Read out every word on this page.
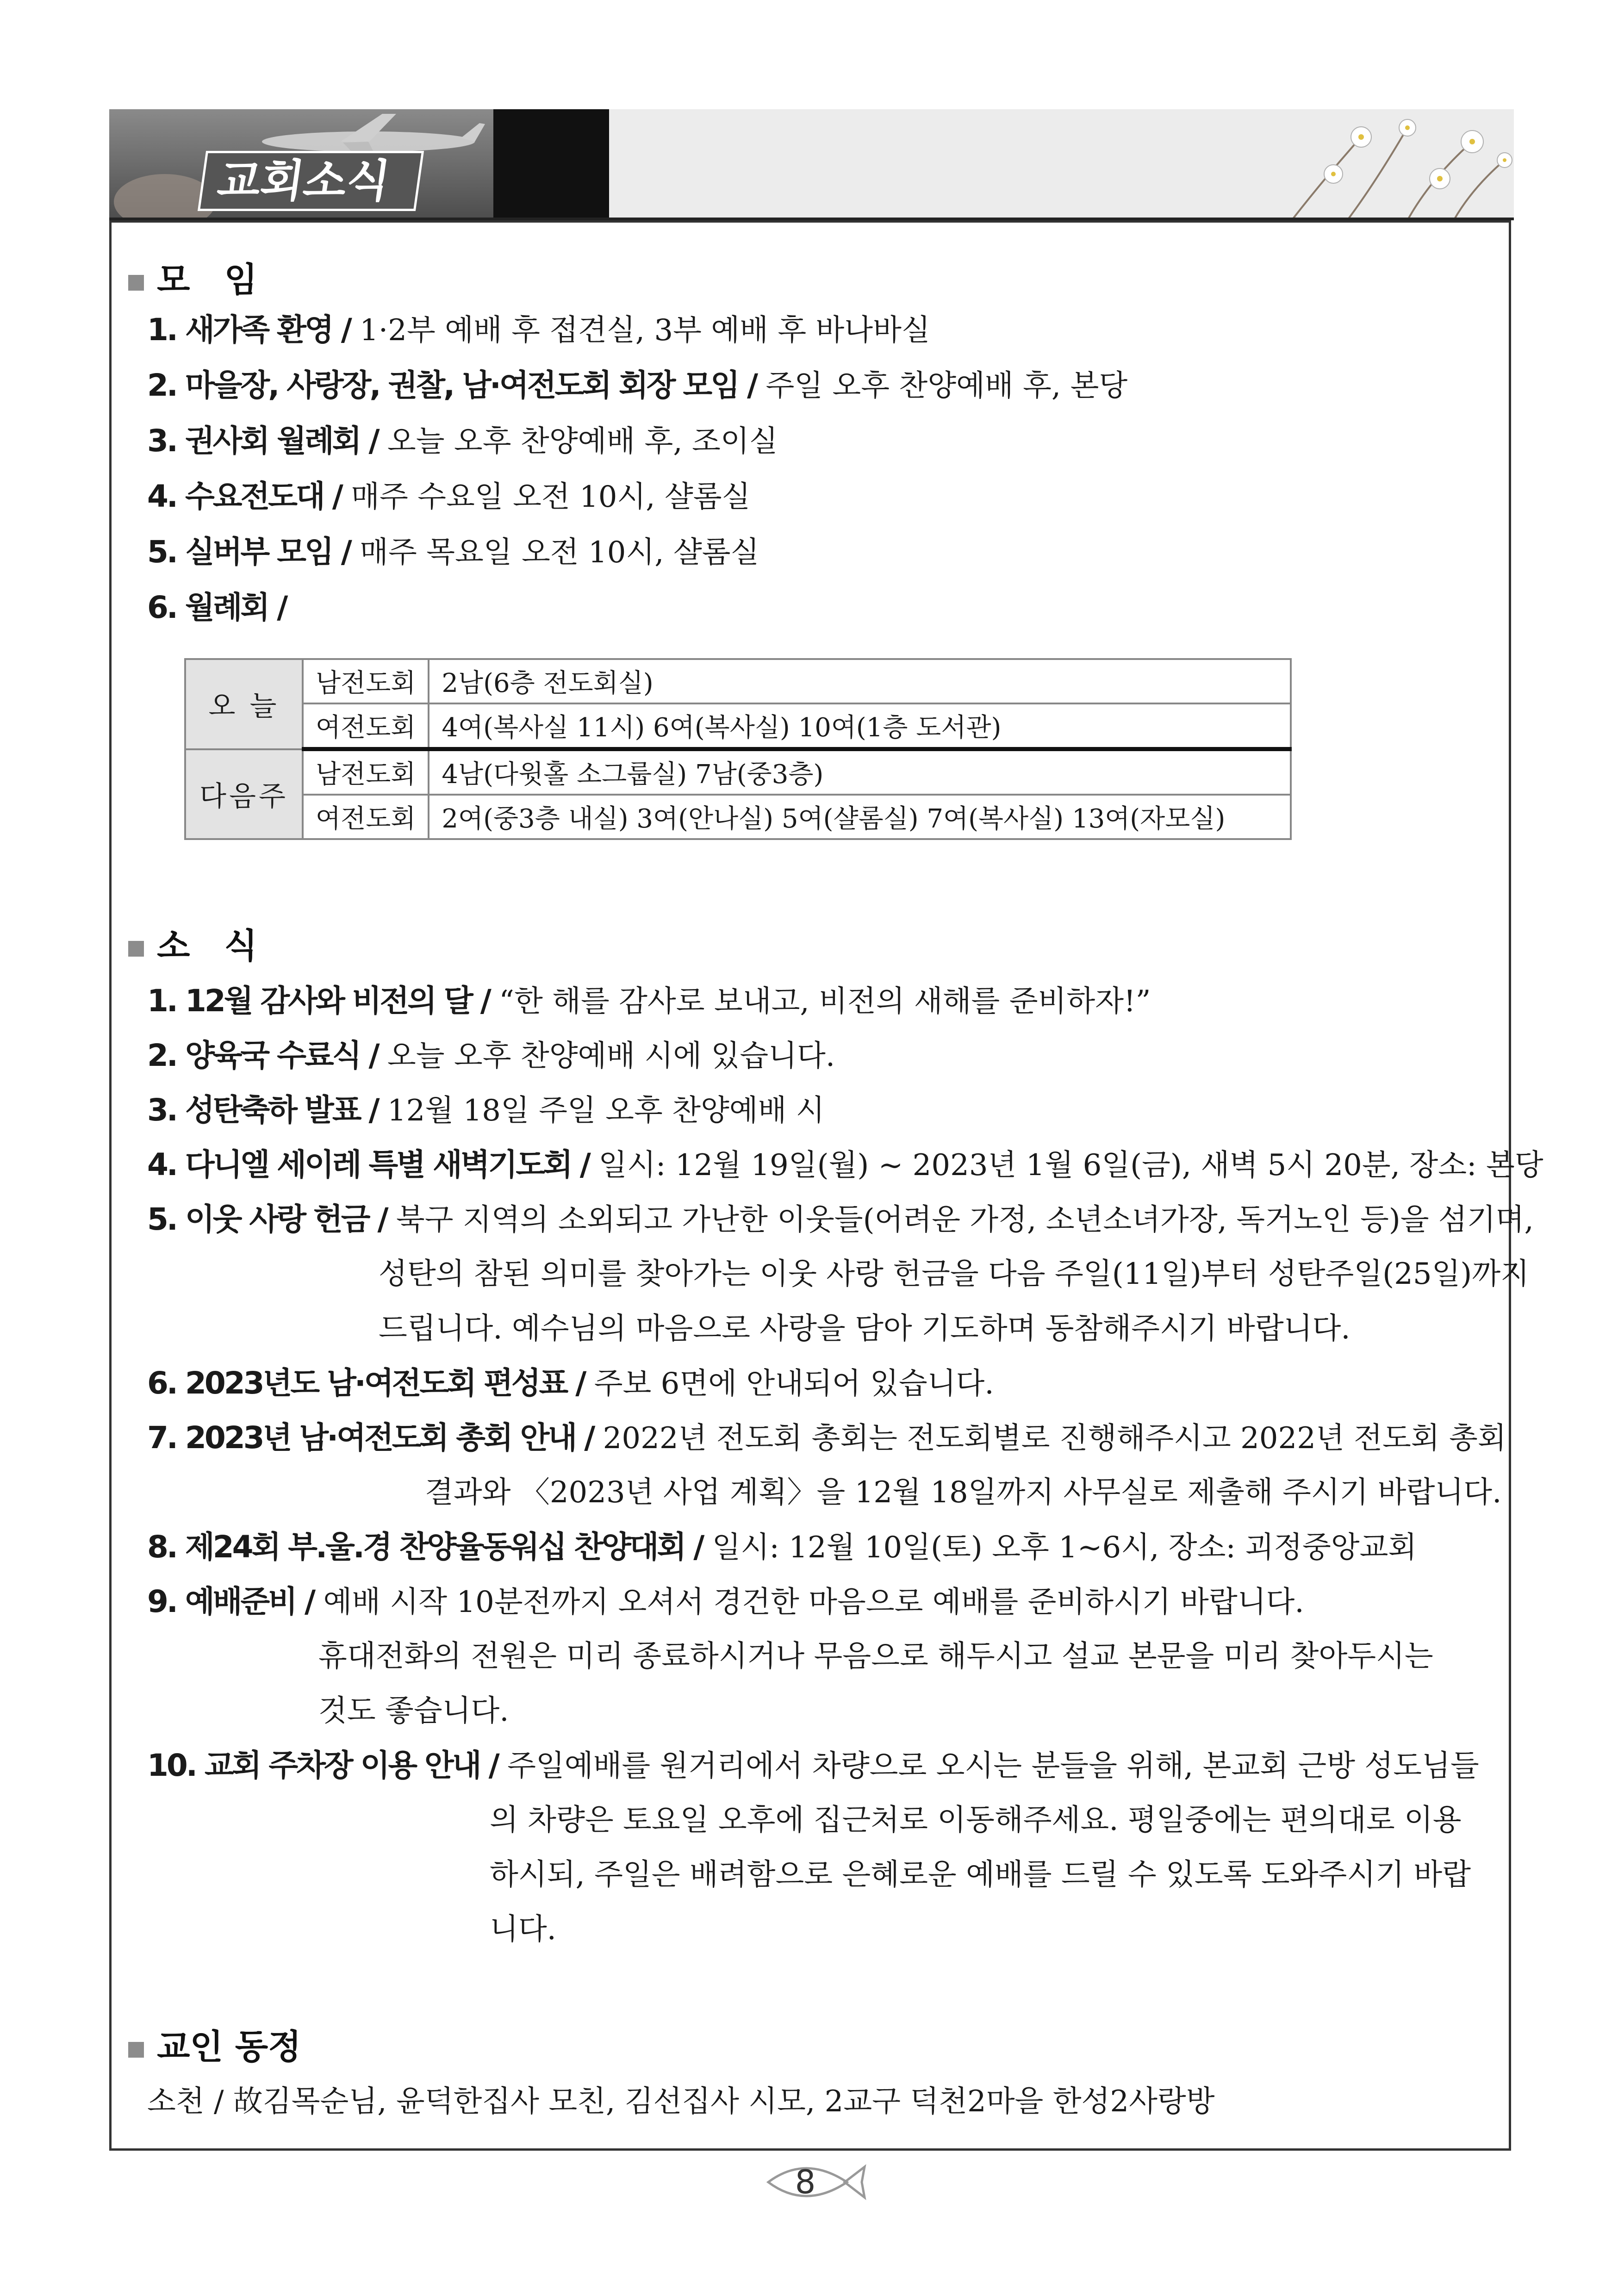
교회소식
모　임
1. 새가족 환영 / 1·2부 예배 후 접견실, 3부 예배 후 바나바실
2. 마을장, 사랑장, 권찰, 남·여전도회 회장 모임 / 주일 오후 찬양예배 후, 본당
3. 권사회 월례회 / 오늘 오후 찬양예배 후, 조이실
4. 수요전도대 / 매주 수요일 오전 10시, 샬롬실
5. 실버부 모임 / 매주 목요일 오전 10시, 샬롬실
6. 월례회 /
오 늘	남전도회	2남(6층 전도회실)
	여전도회	4여(복사실 11시) 6여(복사실) 10여(1층 도서관)
다음주	남전도회	4남(다윗홀 소그룹실) 7남(중3층)
	여전도회	2여(중3층 내실) 3여(안나실) 5여(샬롬실) 7여(복사실) 13여(자모실)
소　식
1. 12월 감사와 비전의 달 / “한 해를 감사로 보내고, 비전의 새해를 준비하자!”
2. 양육국 수료식 / 오늘 오후 찬양예배 시에 있습니다.
3. 성탄축하 발표 / 12월 18일 주일 오후 찬양예배 시
4. 다니엘 세이레 특별 새벽기도회 / 일시: 12월 19일(월) ~ 2023년 1월 6일(금), 새벽 5시 20분, 장소: 본당
5. 이웃 사랑 헌금 / 북구 지역의 소외되고 가난한 이웃들(어려운 가정, 소년소녀가장, 독거노인 등)을 섬기며,
성탄의 참된 의미를 찾아가는 이웃 사랑 헌금을 다음 주일(11일)부터 성탄주일(25일)까지
드립니다. 예수님의 마음으로 사랑을 담아 기도하며 동참해주시기 바랍니다.
6. 2023년도 남·여전도회 편성표 / 주보 6면에 안내되어 있습니다.
7. 2023년 남·여전도회 총회 안내 / 2022년 전도회 총회는 전도회별로 진행해주시고 2022년 전도회 총회
결과와 〈2023년 사업 계획〉을 12월 18일까지 사무실로 제출해 주시기 바랍니다.
8. 제24회 부.울.경 찬양율동워십 찬양대회 / 일시: 12월 10일(토) 오후 1~6시, 장소: 괴정중앙교회
9. 예배준비 / 예배 시작 10분전까지 오셔서 경건한 마음으로 예배를 준비하시기 바랍니다.
휴대전화의 전원은 미리 종료하시거나 무음으로 해두시고 설교 본문을 미리 찾아두시는
것도 좋습니다.
10. 교회 주차장 이용 안내 / 주일예배를 원거리에서 차량으로 오시는 분들을 위해, 본교회 근방 성도님들
의 차량은 토요일 오후에 집근처로 이동해주세요. 평일중에는 편의대로 이용
하시되, 주일은 배려함으로 은혜로운 예배를 드릴 수 있도록 도와주시기 바랍
니다.
교인 동정
소천 / 故김목순님, 윤덕한집사 모친, 김선집사 시모, 2교구 덕천2마을 한성2사랑방
8
